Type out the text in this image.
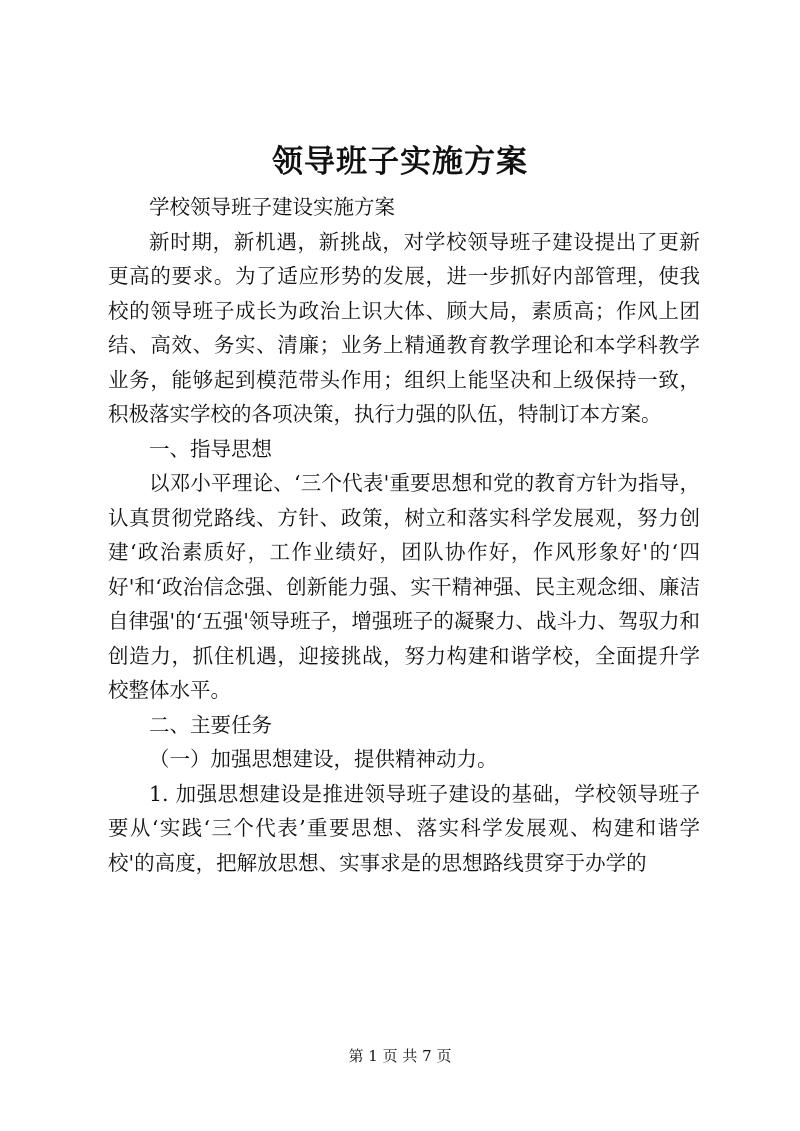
领导班子实施方案

学校领导班子建设实施方案

新时期，新机遇，新挑战，对学校领导班子建设提出了更新更高的要求。为了适应形势的发展，进一步抓好内部管理，使我校的领导班子成长为政治上识大体、顾大局，素质高；作风上团结、高效、务实、清廉；业务上精通教育教学理论和本学科教学业务，能够起到模范带头作用；组织上能坚决和上级保持一致，积极落实学校的各项决策，执行力强的队伍，特制订本方案。

一、指导思想

以邓小平理论、‘三个代表'重要思想和党的教育方针为指导，认真贯彻党路线、方针、政策，树立和落实科学发展观，努力创建‘政治素质好，工作业绩好，团队协作好，作风形象好'的‘四好'和‘政治信念强、创新能力强、实干精神强、民主观念细、廉洁自律强'的‘五强'领导班子，增强班子的凝聚力、战斗力、驾驭力和创造力，抓住机遇，迎接挑战，努力构建和谐学校，全面提升学校整体水平。

二、主要任务

（一）加强思想建设，提供精神动力。

1. 加强思想建设是推进领导班子建设的基础，学校领导班子要从‘实践‘三个代表’重要思想、落实科学发展观、构建和谐学校'的高度，把解放思想、实事求是的思想路线贯穿于办学的

第 1 页 共 7 页
